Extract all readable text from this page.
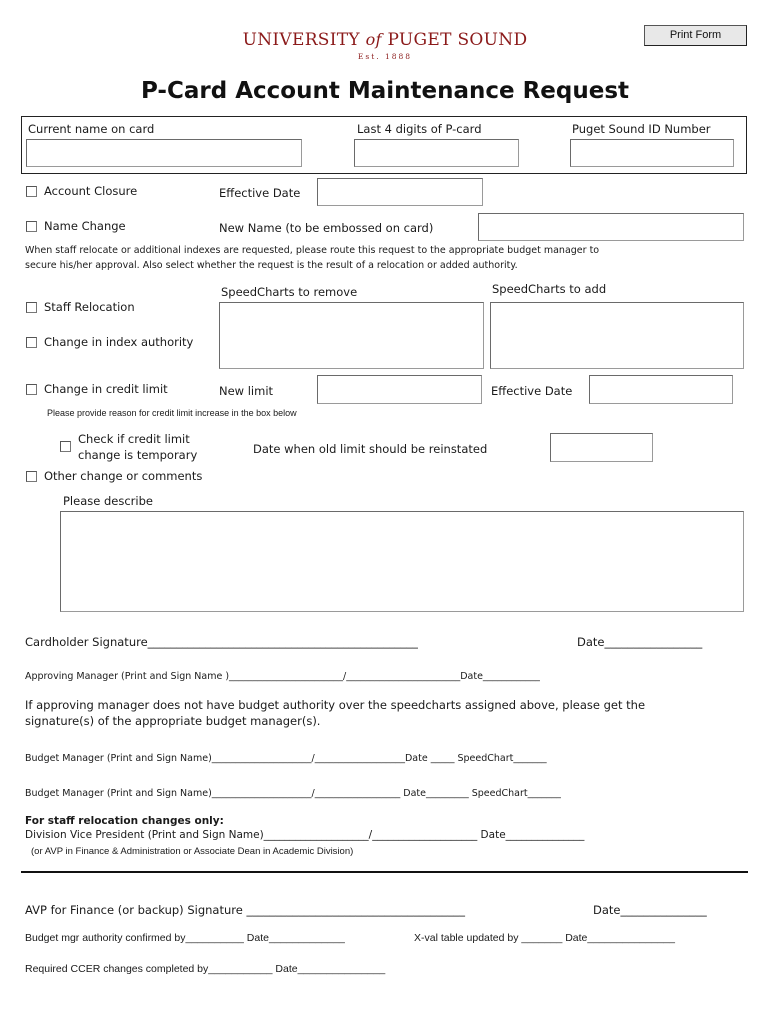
UNIVERSITY of PUGET SOUND
Est. 1888
Print Form
P-Card Account Maintenance Request
Current name on card	Last 4 digits of P-card	Puget Sound ID Number
Account Closure	Effective Date
Name Change	New Name (to be embossed on card)
When staff relocate or additional indexes are requested, please route this request to the appropriate budget manager to
secure his/her approval. Also select whether the request is the result of a relocation or added authority.
SpeedCharts to remove	SpeedCharts to add
Staff Relocation
Change in index authority
Change in credit limit	New limit	Effective Date
Please provide reason for credit limit increase in the box below
Check if credit limit
change is temporary	Date when old limit should be reinstated
Other change or comments
Please describe
Cardholder Signature_______________________________________________	Date_________________
Approving Manager (Print and Sign Name )________________________/________________________Date____________
If approving manager does not have budget authority over the speedcharts assigned above, please get the
signature(s) of the appropriate budget manager(s).
Budget Manager (Print and Sign Name)_____________________/___________________Date _____ SpeedChart_______
Budget Manager (Print and Sign Name)_____________________/__________________ Date_________ SpeedChart_______
For staff relocation changes only:
Division Vice President (Print and Sign Name)____________________/____________________ Date_______________
(or AVP in Finance & Administration or Associate Dean in Academic Division)
AVP for Finance (or backup) Signature ______________________________________	Date_______________
Budget mgr authority confirmed by__________ Date_____________	X-val table updated by _______ Date_______________
Required CCER changes completed by___________ Date_______________
